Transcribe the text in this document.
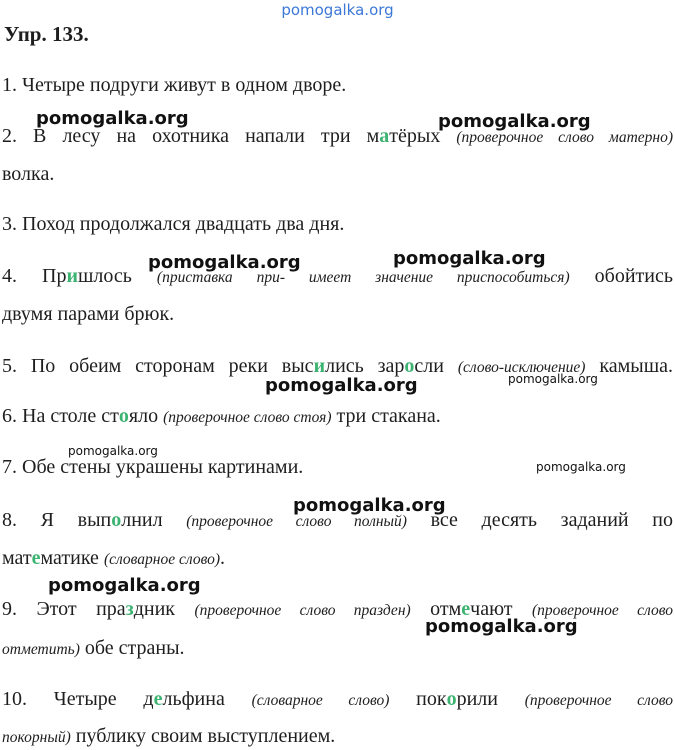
pomogalka.org
Упр. 133.
1. Четыре подруги живут в одном дворе.
2. В лесу на охотника напали три матёрых (проверочное слово матерно)
волка.
3. Поход продолжался двадцать два дня.
4. Пришлось (приставка при- имеет значение приспособиться) обойтись
двумя парами брюк.
5. По обеим сторонам реки высились заросли (слово-исключение) камыша.
6. На столе стояло (проверочное слово стоя) три стакана.
7. Обе стены украшены картинами.
8. Я выполнил (проверочное слово полный) все десять заданий по
математике (словарное слово).
9. Этот праздник (проверочное слово празден) отмечают (проверочное слово
отметить) обе страны.
10. Четыре дельфина (словарное слово) покорили (проверочное слово
покорный) публику своим выступлением.
pomogalka.org	pomogalka.org
pomogalka.org	pomogalka.org
pomogalka.org	pomogalka.org
pomogalka.org
pomogalka.org
pomogalka.org
pomogalka.org
pomogalka.org
